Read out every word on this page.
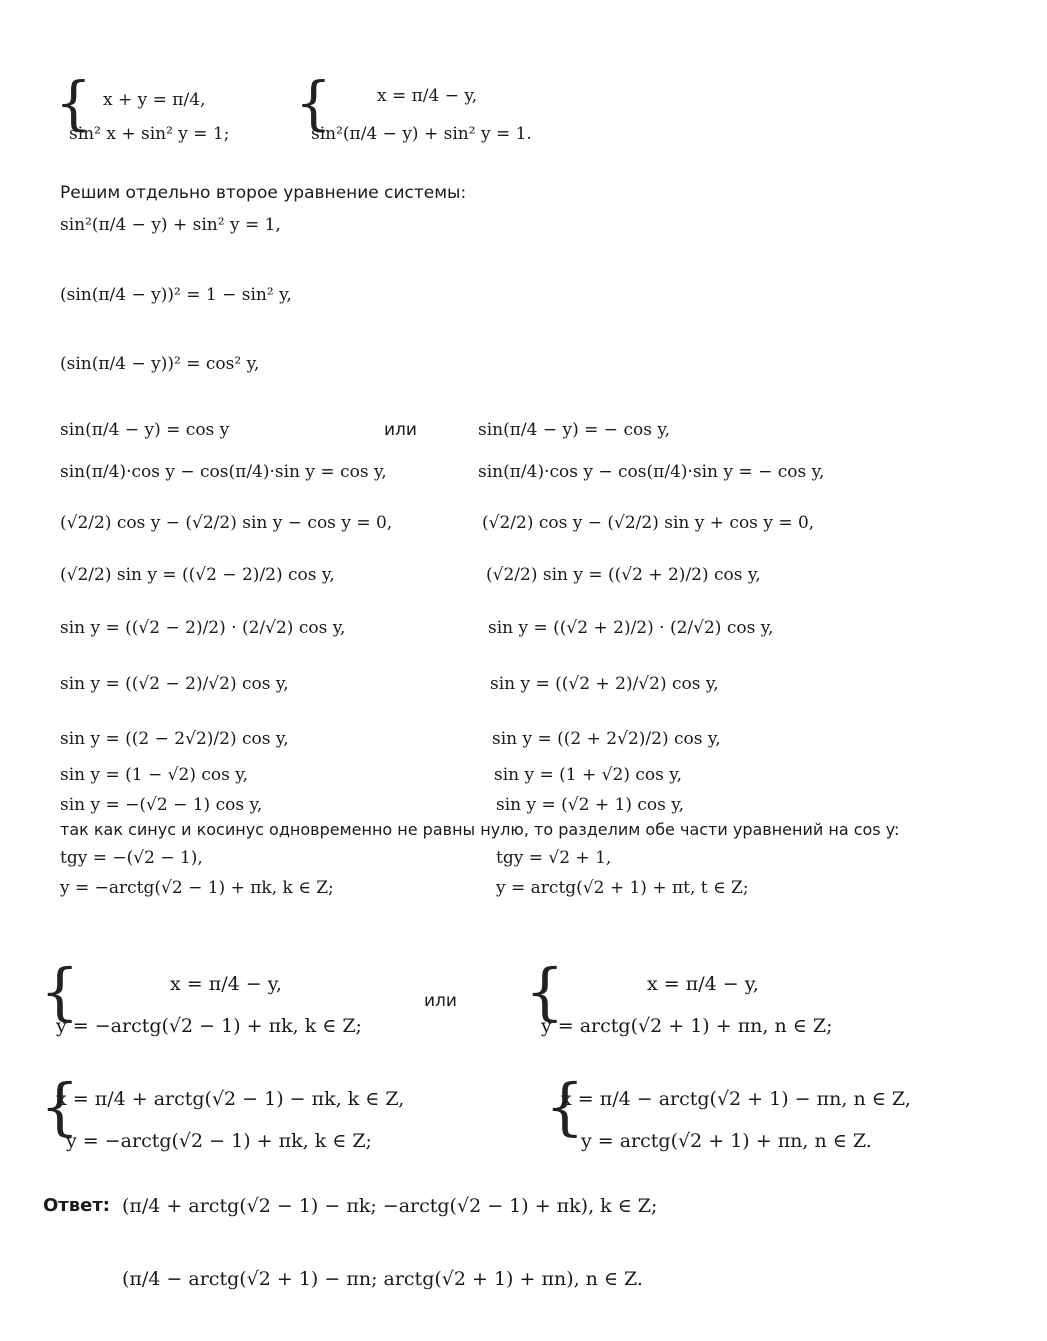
{ x + y = π/4,
sin² x + sin² y = 1; {	x = π/4 − y,
sin²(π/4 − y) + sin² y = 1.
Решим отдельно второе уравнение системы:
sin²(π/4 − y) + sin² y = 1,
(sin(π/4 − y))² = 1 − sin² y,
(sin(π/4 − y))² = cos² y,
sin(π/4 − y) = cos y	или	sin(π/4 − y) = − cos y,
sin(π/4)·cos y − cos(π/4)·sin y = cos y,	sin(π/4)·cos y − cos(π/4)·sin y = − cos y,
(√2/2) cos y − (√2/2) sin y − cos y = 0,	(√2/2) cos y − (√2/2) sin y + cos y = 0,
(√2/2) sin y = ((√2 − 2)/2) cos y,	(√2/2) sin y = ((√2 + 2)/2) cos y,
sin y = ((√2 − 2)/2) · (2/√2) cos y,	sin y = ((√2 + 2)/2) · (2/√2) cos y,
sin y = ((√2 − 2)/√2) cos y,	sin y = ((√2 + 2)/√2) cos y,
sin y = ((2 − 2√2)/2) cos y,	sin y = ((2 + 2√2)/2) cos y,
sin y = (1 − √2) cos y,	sin y = (1 + √2) cos y,
sin y = −(√2 − 1) cos y,	sin y = (√2 + 1) cos y,
так как синус и косинус одновременно не равны нулю, то разделим обе части уравнений на cos y:
tgy = −(√2 − 1),	tgy = √2 + 1,
y = −arctg(√2 − 1) + πk, k ∈ Z;	y = arctg(√2 + 1) + πt, t ∈ Z;
{	x = π/4 − y,
y = −arctg(√2 − 1) + πk, k ∈ Z;
или {	x = π/4 − y,
y = arctg(√2 + 1) + πn, n ∈ Z;
{
x = π/4 + arctg(√2 − 1) − πk, k ∈ Z,
y = −arctg(√2 − 1) + πk, k ∈ Z;	{
x = π/4 − arctg(√2 + 1) − πn, n ∈ Z,
y = arctg(√2 + 1) + πn, n ∈ Z.
Ответ: (π/4 + arctg(√2 − 1) − πk; −arctg(√2 − 1) + πk), k ∈ Z;
(π/4 − arctg(√2 + 1) − πn; arctg(√2 + 1) + πn), n ∈ Z.
